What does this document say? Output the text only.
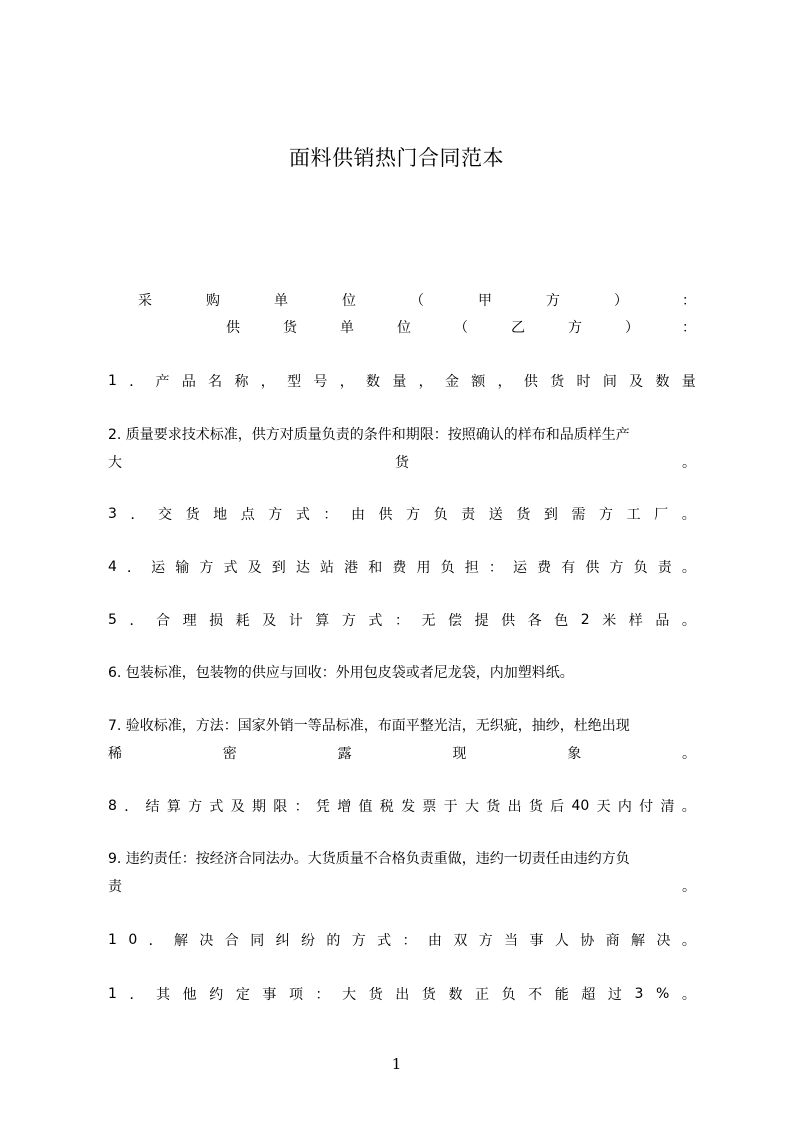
面料供销热门合同范本
采	购	单	位	（	甲	方	）	：
供	货	单	位	（	乙	方	）	：
1 ． 产 品 名 称 ， 型 号 ， 数 量 ， 金 额 ， 供 货 时 间 及 数 量
2. 质量要求技术标准，供方对质量负责的条件和期限：按照确认的样布和品质样生产
大	货	。
3 ． 交 货 地 点 方 式 ： 由 供 方 负 责 送 货 到 需 方 工 厂 。
4 ． 运 输 方 式 及 到 达 站 港 和 费 用 负 担 ： 运 费 有 供 方 负 责 。
5 ． 合 理 损 耗 及 计 算 方 式 ： 无 偿 提 供 各 色 2 米 样 品 。
6. 包装标准，包装物的供应与回收：外用包皮袋或者尼龙袋，内加塑料纸。
7. 验收标准，方法：国家外销一等品标准，布面平整光洁，无织疵，抽纱，杜绝出现
稀	密	露	现	象	。
8 ． 结 算 方 式 及 期 限 ： 凭 增 值 税 发 票 于 大 货 出 货 后 40 天 内 付 清 。
9. 违约责任：按经济合同法办。大货质量不合格负责重做，违约一切责任由违约方负
责	。
1 0 ． 解 决 合 同 纠 纷 的 方 式 ： 由 双 方 当 事 人 协 商 解 决 。
1 ． 其 他 约 定 事 项 ： 大 货 出 货 数 正 负 不 能 超 过 3 % 。
1
